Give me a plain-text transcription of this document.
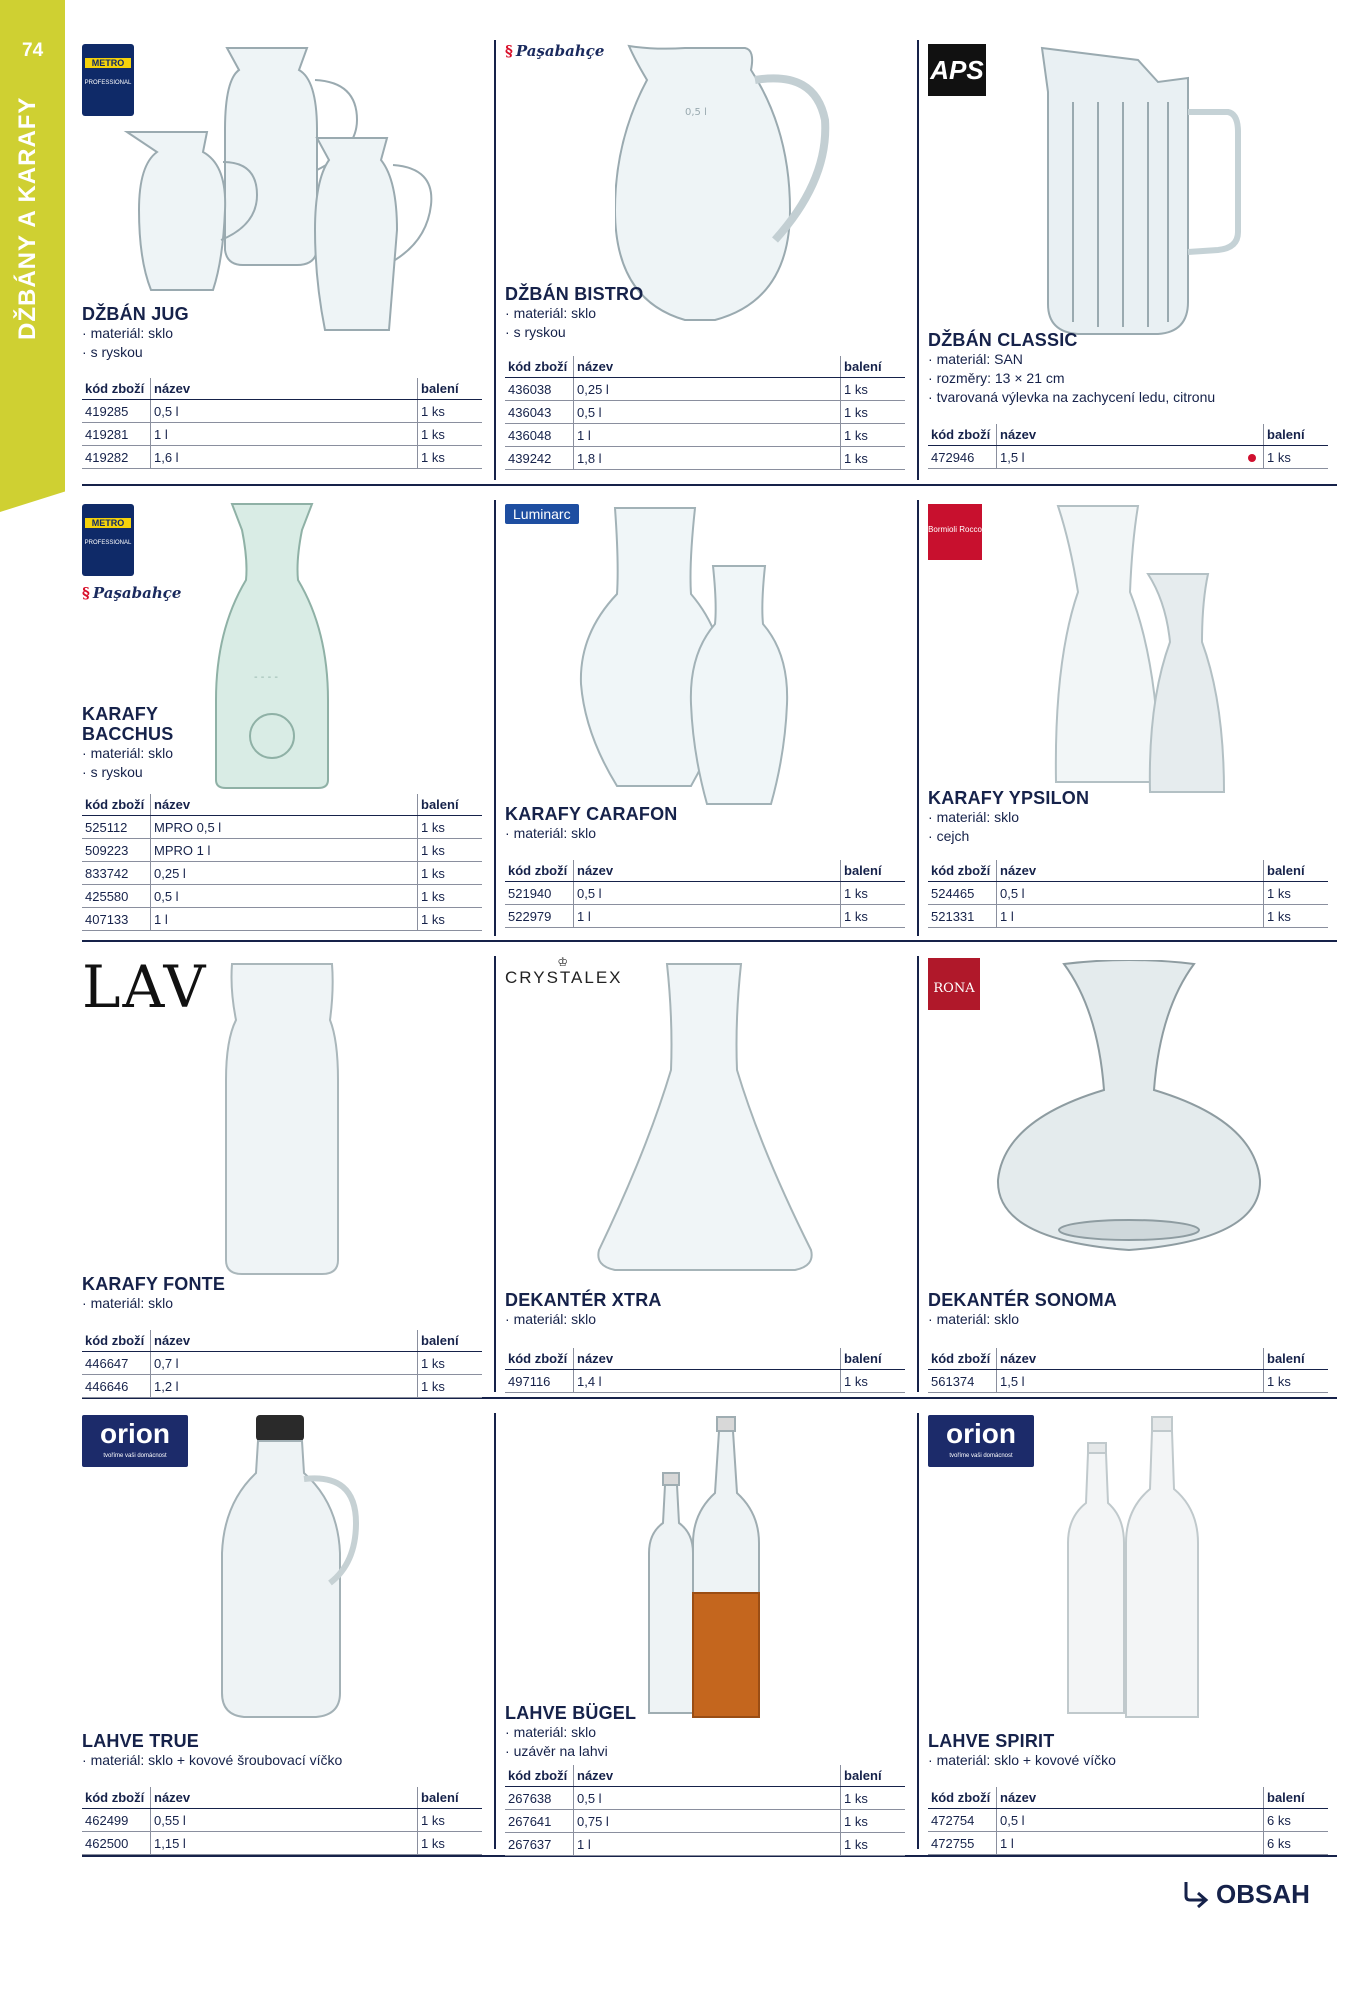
74
DŽBÁNY A KARAFY
METRO
PROFESSIONAL
DŽBÁN JUG
· materiál: sklo
· s ryskou
kód zboží	název	balení
419285	0,5 l	1 ks
419281	1 l	1 ks
419282	1,6 l	1 ks
§ Paşabahçe
0,5 l
DŽBÁN BISTRO
· materiál: sklo
· s ryskou
kód zboží	název	balení
436038	0,25 l	1 ks
436043	0,5 l	1 ks
436048	1 l	1 ks
439242	1,8 l	1 ks
APS
DŽBÁN CLASSIC
· materiál: SAN
· rozměry: 13 × 21 cm
· tvarovaná výlevka na zachycení ledu, citronu
kód zboží	název	balení
472946	1,5 l	1 ks
METRO
PROFESSIONAL
§ Paşabahçe
- - - -
KARAFY BACCHUS
· materiál: sklo
· s ryskou
kód zboží	název	balení
525112	MPRO 0,5 l	1 ks
509223	MPRO 1 l	1 ks
833742	0,25 l	1 ks
425580	0,5 l	1 ks
407133	1 l	1 ks
Luminarc
KARAFY CARAFON
· materiál: sklo
kód zboží	název	balení
521940	0,5 l	1 ks
522979	1 l	1 ks
Bormioli Rocco
KARAFY YPSILON
· materiál: sklo
· cejch
kód zboží	název	balení
524465	0,5 l	1 ks
521331	1 l	1 ks
LAV
KARAFY FONTE
· materiál: sklo
kód zboží	název	balení
446647	0,7 l	1 ks
446646	1,2 l	1 ks
♔
CRYSTALEX
DEKANTÉR XTRA
· materiál: sklo
kód zboží	název	balení
497116	1,4 l	1 ks
RONA
DEKANTÉR SONOMA
· materiál: sklo
kód zboží	název	balení
561374	1,5 l	1 ks
orion
tvoříme vaši domácnost
LAHVE TRUE
· materiál: sklo + kovové šroubovací víčko
kód zboží	název	balení
462499	0,55 l	1 ks
462500	1,15 l	1 ks
LAHVE BÜGEL
· materiál: sklo
· uzávěr na lahvi
kód zboží	název	balení
267638	0,5 l	1 ks
267641	0,75 l	1 ks
267637	1 l	1 ks
orion
tvoříme vaši domácnost
LAHVE SPIRIT
· materiál: sklo + kovové víčko
kód zboží	název	balení
472754	0,5 l	6 ks
472755	1 l	6 ks
OBSAH
